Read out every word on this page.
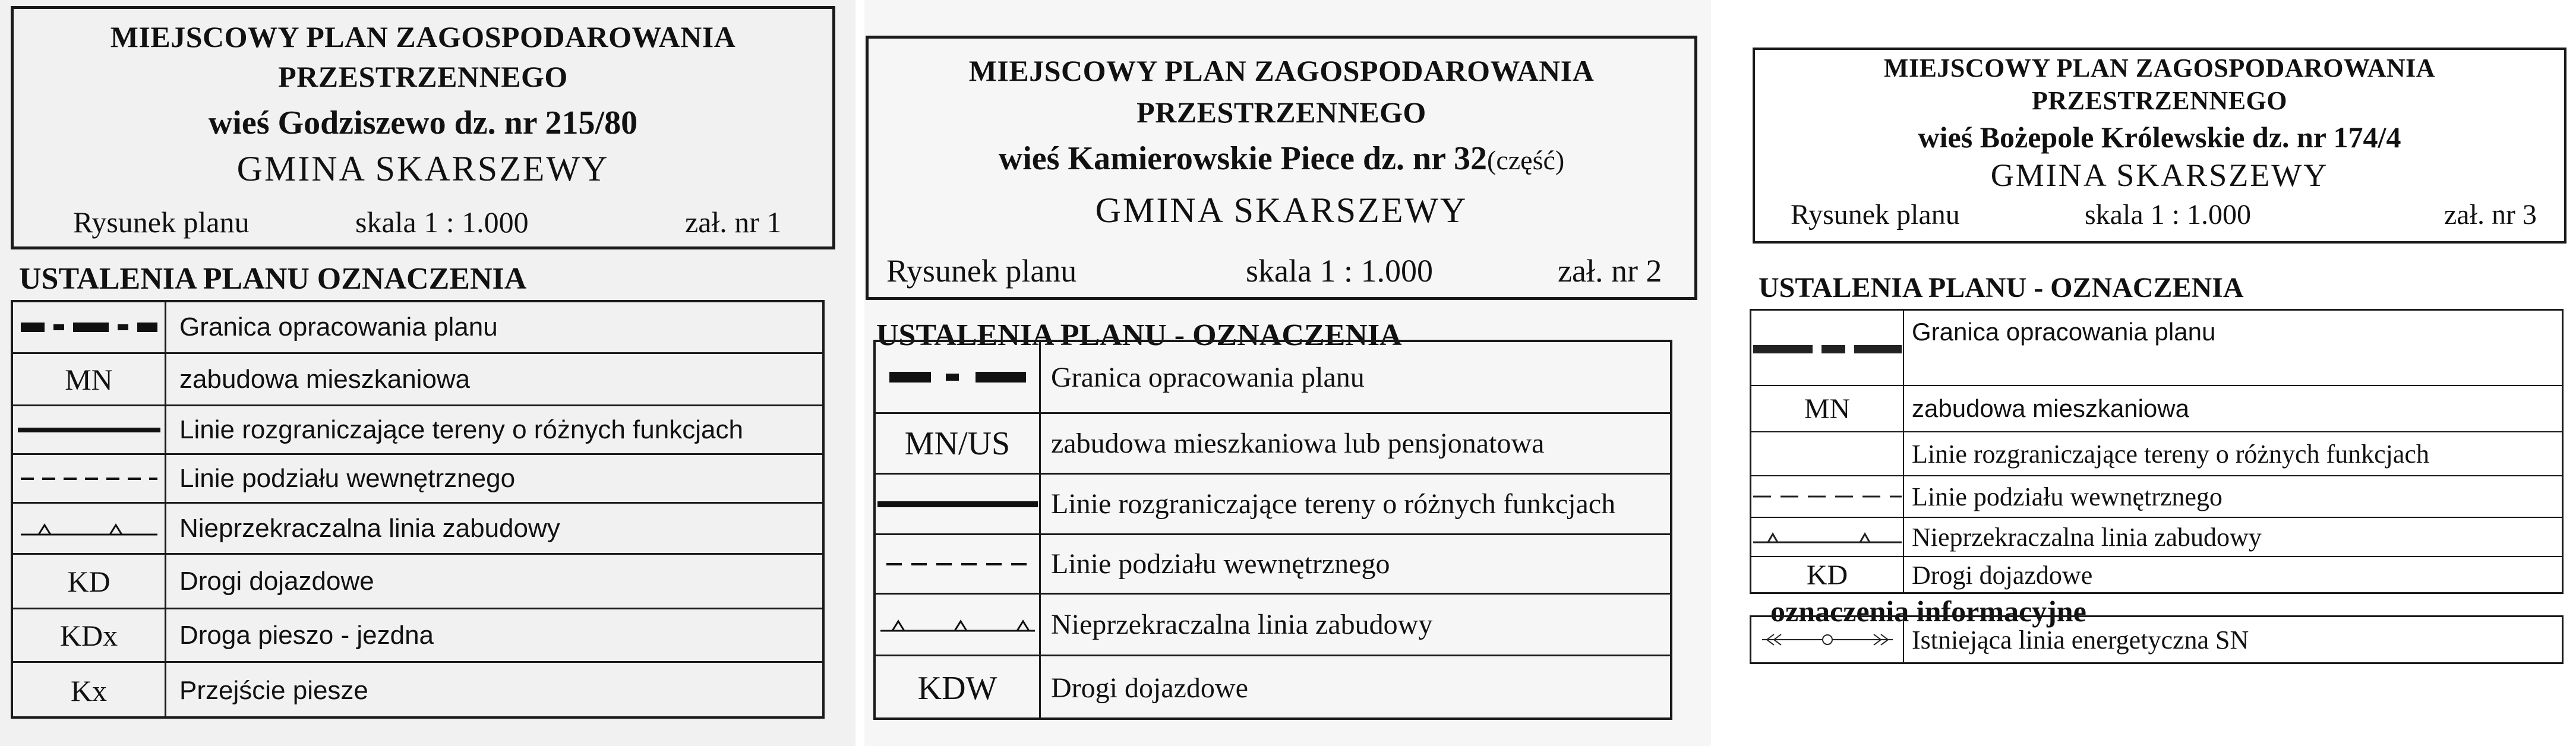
MIEJSCOWY PLAN ZAGOSPODAROWANIA
PRZESTRZENNEGO
wieś Godziszewo dz. nr 215/80
GMINA SKARSZEWY
Rysunek planu	skala 1 : 1.000	zał. nr 1
USTALENIA PLANU OZNACZENIA
Granica opracowania planu
MN	zabudowa mieszkaniowa
Linie rozgraniczające tereny o różnych funkcjach
Linie podziału wewnętrznego
Nieprzekraczalna linia zabudowy
KD	Drogi dojazdowe
KDx	Droga pieszo - jezdna
Kx	Przejście piesze
MIEJSCOWY PLAN ZAGOSPODAROWANIA
PRZESTRZENNEGO
wieś Kamierowskie Piece dz. nr 32(część)
GMINA SKARSZEWY
Rysunek planu	skala 1 : 1.000	zał. nr 2
USTALENIA PLANU - OZNACZENIA
Granica opracowania planu
MN/US	zabudowa mieszkaniowa lub pensjonatowa
Linie rozgraniczające tereny o różnych funkcjach
Linie podziału wewnętrznego
Nieprzekraczalna linia zabudowy
KDW	Drogi dojazdowe
MIEJSCOWY PLAN ZAGOSPODAROWANIA
PRZESTRZENNEGO
wieś Bożepole Królewskie dz. nr 174/4
GMINA SKARSZEWY
Rysunek planu	skala 1 : 1.000	zał. nr 3
USTALENIA PLANU - OZNACZENIA
Granica opracowania planu
MN	zabudowa mieszkaniowa
Linie rozgraniczające tereny o różnych funkcjach
Linie podziału wewnętrznego
Nieprzekraczalna linia zabudowy
KD	Drogi dojazdowe
oznaczenia informacyjne
Istniejąca linia energetyczna SN
